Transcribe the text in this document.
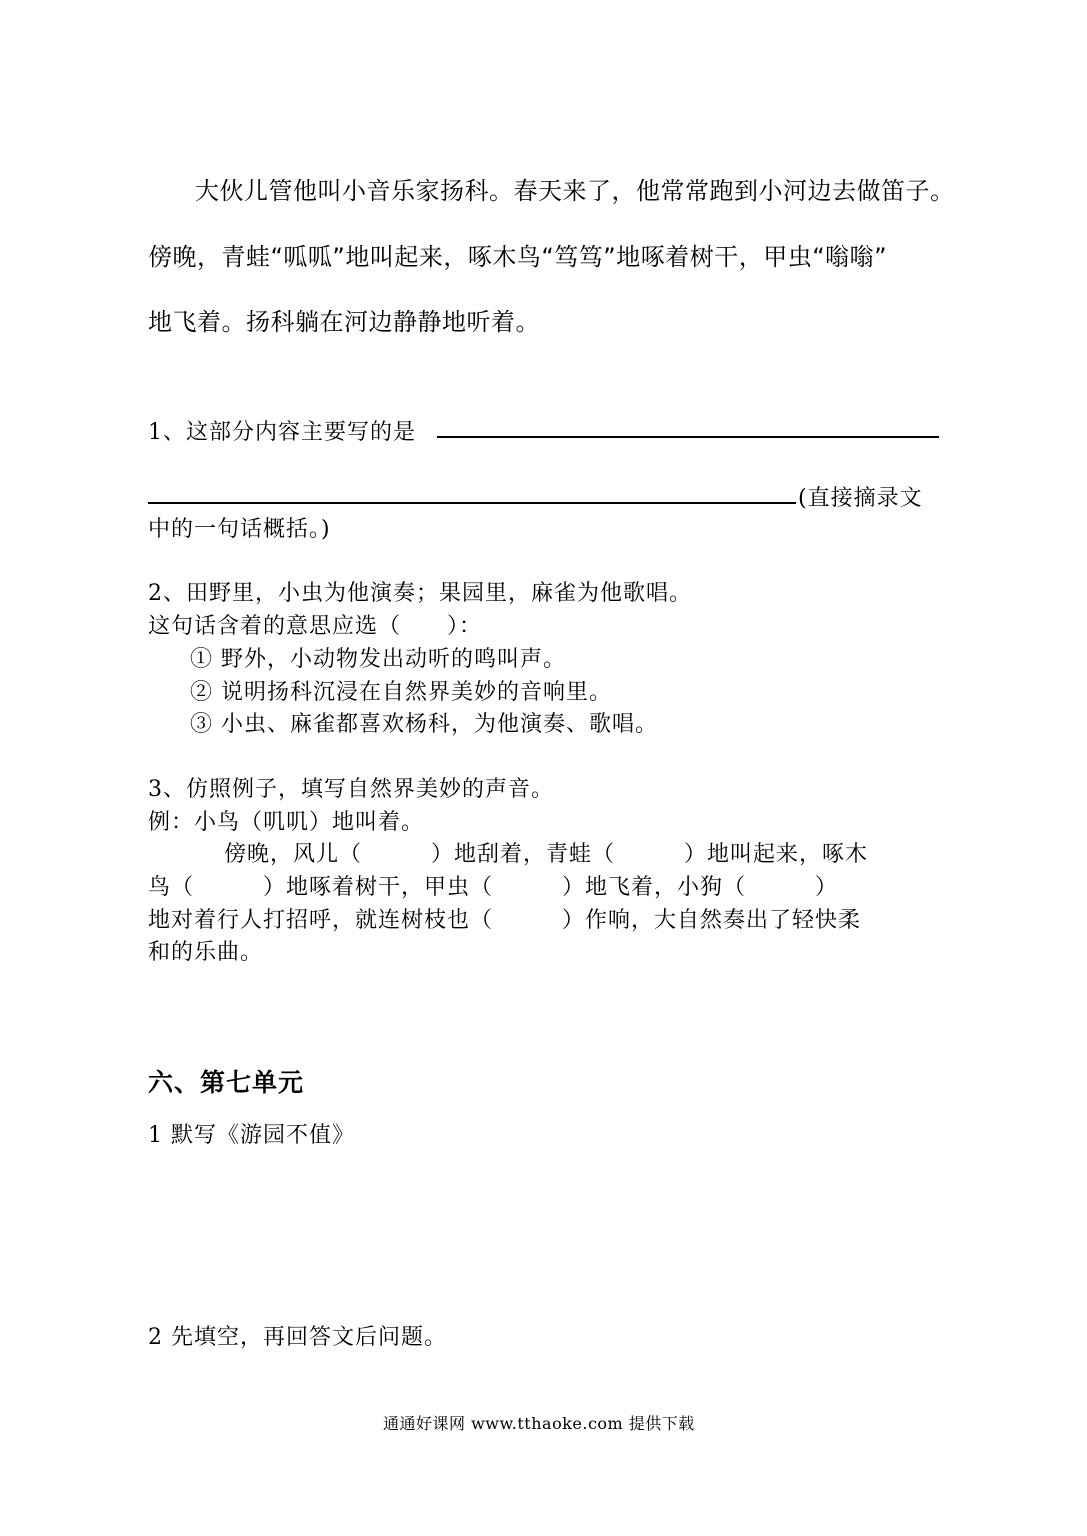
大伙儿管他叫小音乐家扬科。春天来了，他常常跑到小河边去做笛子。
傍晚，青蛙“呱呱”地叫起来，啄木鸟“笃笃”地啄着树干，甲虫“嗡嗡”
地飞着。扬科躺在河边静静地听着。
1、这部分内容主要写的是
(直接摘录文
中的一句话概括。)
2、田野里，小虫为他演奏；果园里，麻雀为他歌唱。
这句话含着的意思应选（　　）：
① 野外，小动物发出动听的鸣叫声。
② 说明扬科沉浸在自然界美妙的音响里。
③ 小虫、麻雀都喜欢杨科，为他演奏、歌唱。
3、仿照例子，填写自然界美妙的声音。
例：小鸟（叽叽）地叫着。
傍晚，风儿（　　　）地刮着，青蛙（　　　）地叫起来，啄木
鸟（　　　）地啄着树干，甲虫（　　　）地飞着，小狗（　　　）
地对着行人打招呼，就连树枝也（　　　）作响，大自然奏出了轻快柔
和的乐曲。
六、第七单元
1 默写《游园不值》
2 先填空，再回答文后问题。
通通好课网 www.tthaoke.com 提供下载
